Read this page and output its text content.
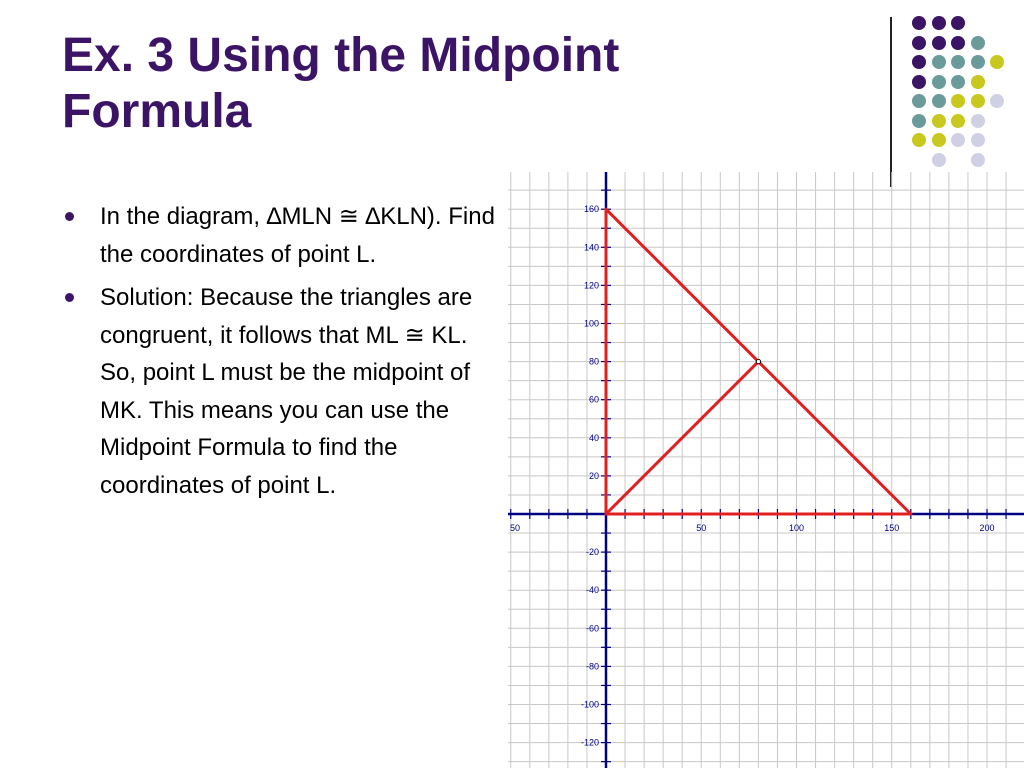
Ex. 3 Using the Midpoint
Formula
In the diagram, ∆MLN ≅ ∆KLN). Find the coordinates of point L.
Solution: Because the triangles are congruent, it follows that ML ≅ KL. So, point L must be the midpoint of MK. This means you can use the Midpoint Formula to find the coordinates of point L.
50	50	100	150	200
160
140
120
100
80
60
40
20
-20
-40
-60
-80
-100
-120
